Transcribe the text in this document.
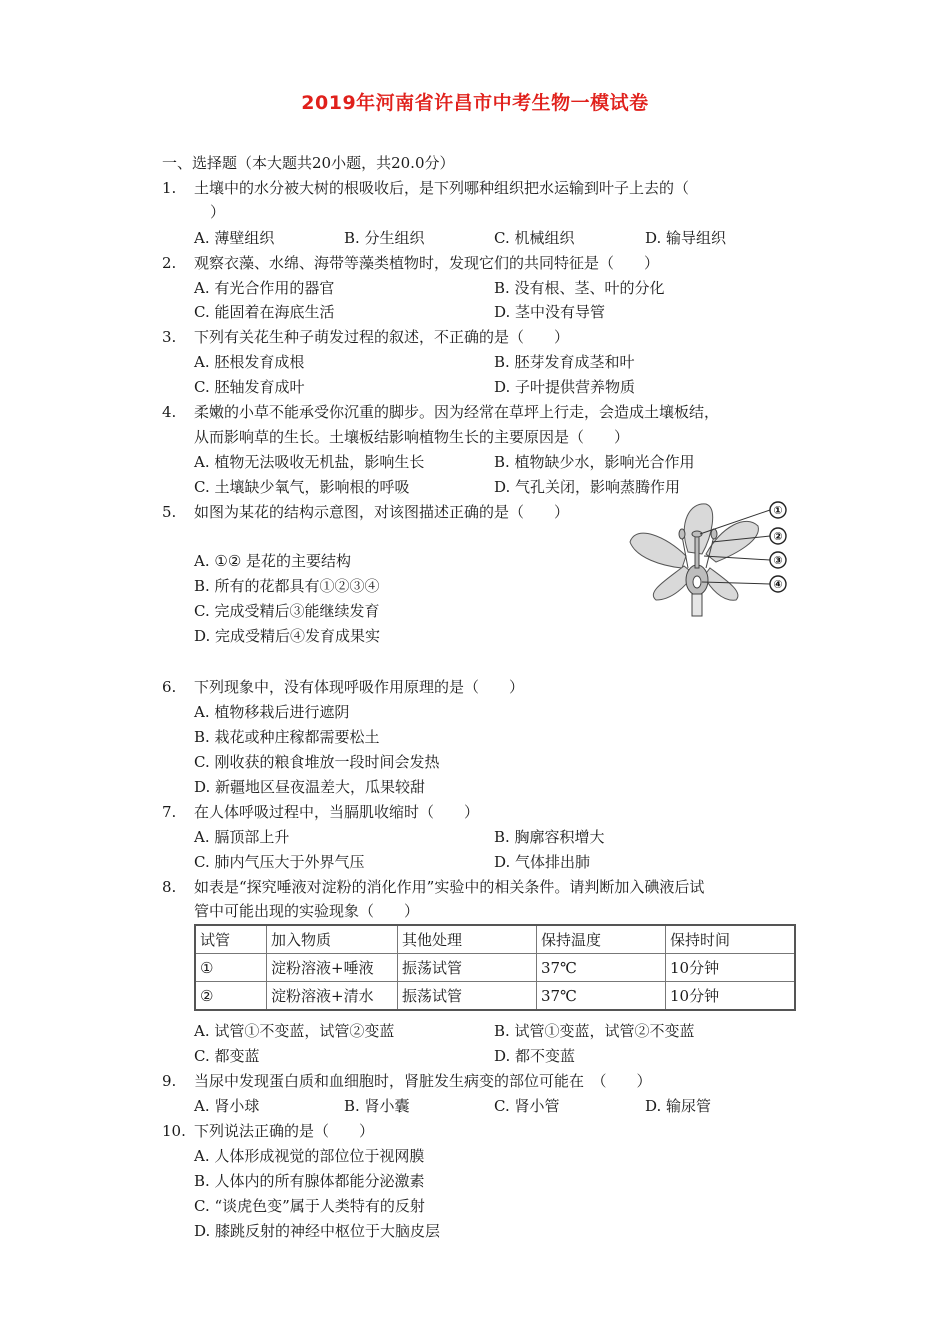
2019年河南省许昌市中考生物一模试卷
一、选择题（本大题共20小题，共20.0分）
1. 土壤中的水分被大树的根吸收后，是下列哪种组织把水运输到叶子上去的（
）
A. 薄壁组织	B. 分生组织	C. 机械组织	D. 输导组织
2. 观察衣藻、水绵、海带等藻类植物时，发现它们的共同特征是（　　）
A. 有光合作用的器官	B. 没有根、茎、叶的分化
C. 能固着在海底生活	D. 茎中没有导管
3. 下列有关花生种子萌发过程的叙述，不正确的是（　　）
A. 胚根发育成根	B. 胚芽发育成茎和叶
C. 胚轴发育成叶	D. 子叶提供营养物质
4. 柔嫩的小草不能承受你沉重的脚步。因为经常在草坪上行走，会造成土壤板结，
从而影响草的生长。土壤板结影响植物生长的主要原因是（　　）
A. 植物无法吸收无机盐，影响生长	B. 植物缺少水，影响光合作用
C. 土壤缺少氧气，影响根的呼吸	D. 气孔关闭，影响蒸腾作用
5. 如图为某花的结构示意图，对该图描述正确的是（　　）
A. ①② 是花的主要结构
B. 所有的花都具有①②③④
C. 完成受精后③能继续发育
D. 完成受精后④发育成果实
①
②
③
④
6. 下列现象中，没有体现呼吸作用原理的是（　　）
A. 植物移栽后进行遮阴
B. 栽花或种庄稼都需要松土
C. 刚收获的粮食堆放一段时间会发热
D. 新疆地区昼夜温差大，瓜果较甜
7. 在人体呼吸过程中，当膈肌收缩时（　　）
A. 膈顶部上升	B. 胸廓容积增大
C. 肺内气压大于外界气压	D. 气体排出肺
8. 如表是“探究唾液对淀粉的消化作用”实验中的相关条件。请判断加入碘液后试
管中可能出现的实验现象（　　）
试管	加入物质	其他处理	保持温度	保持时间
①	淀粉溶液+唾液	振荡试管	37℃	10分钟
②	淀粉溶液+清水	振荡试管	37℃	10分钟
A. 试管①不变蓝，试管②变蓝	B. 试管①变蓝，试管②不变蓝
C. 都变蓝	D. 都不变蓝
9. 当尿中发现蛋白质和血细胞时，肾脏发生病变的部位可能在　（　　）
A. 肾小球	B. 肾小囊	C. 肾小管	D. 输尿管
10. 下列说法正确的是（　　）
A. 人体形成视觉的部位位于视网膜
B. 人体内的所有腺体都能分泌激素
C. “谈虎色变”属于人类特有的反射
D. 膝跳反射的神经中枢位于大脑皮层
